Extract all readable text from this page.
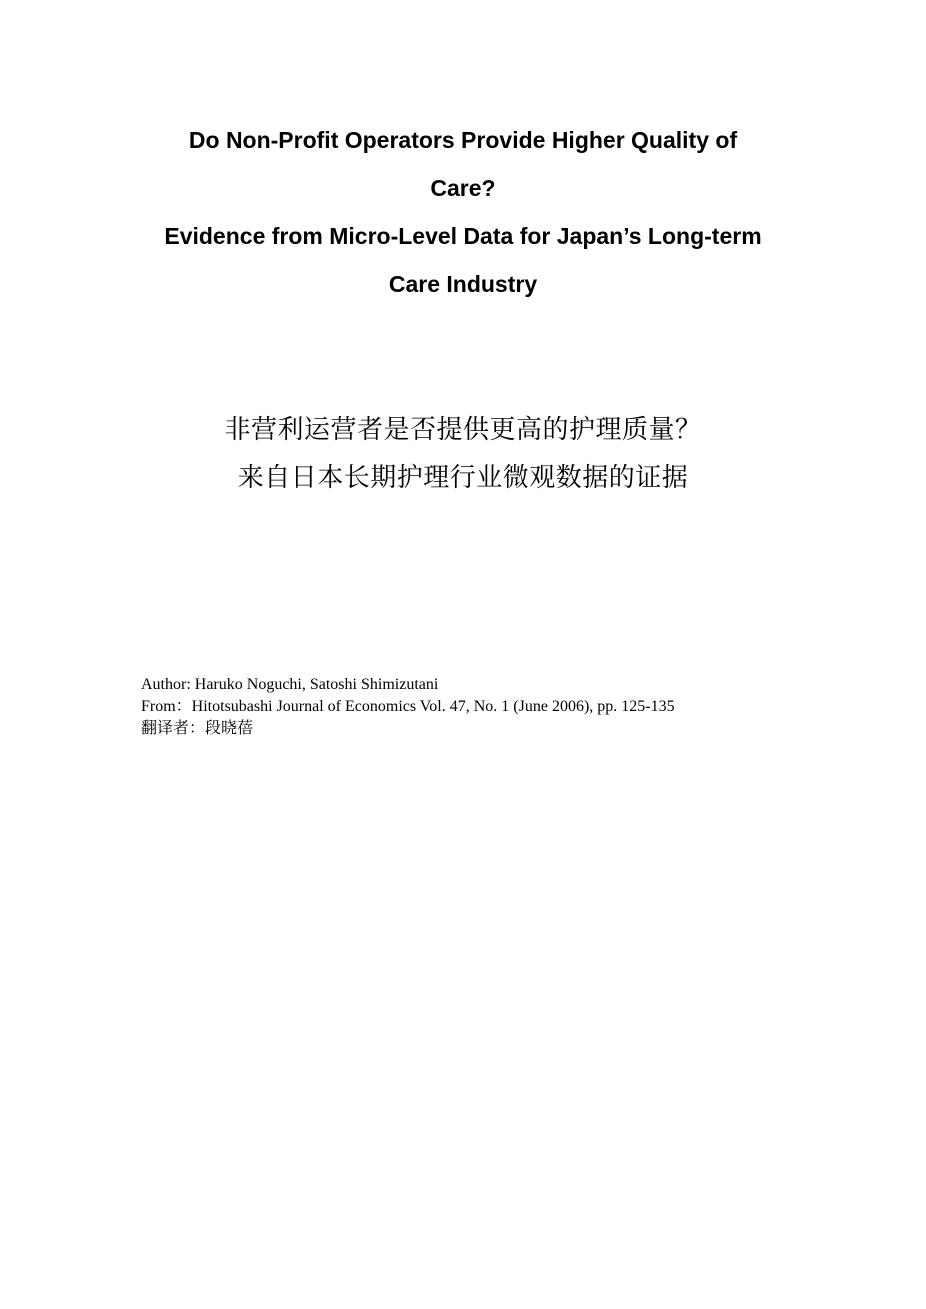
Do Non-Profit Operators Provide Higher Quality of
Care?
Evidence from Micro-Level Data for Japan’s Long-term
Care Industry
非营利运营者是否提供更高的护理质量？
来自日本长期护理行业微观数据的证据
Author: Haruko Noguchi, Satoshi Shimizutani
From：Hitotsubashi Journal of Economics Vol. 47, No. 1 (June 2006), pp. 125-135
翻译者：段晓蓓
